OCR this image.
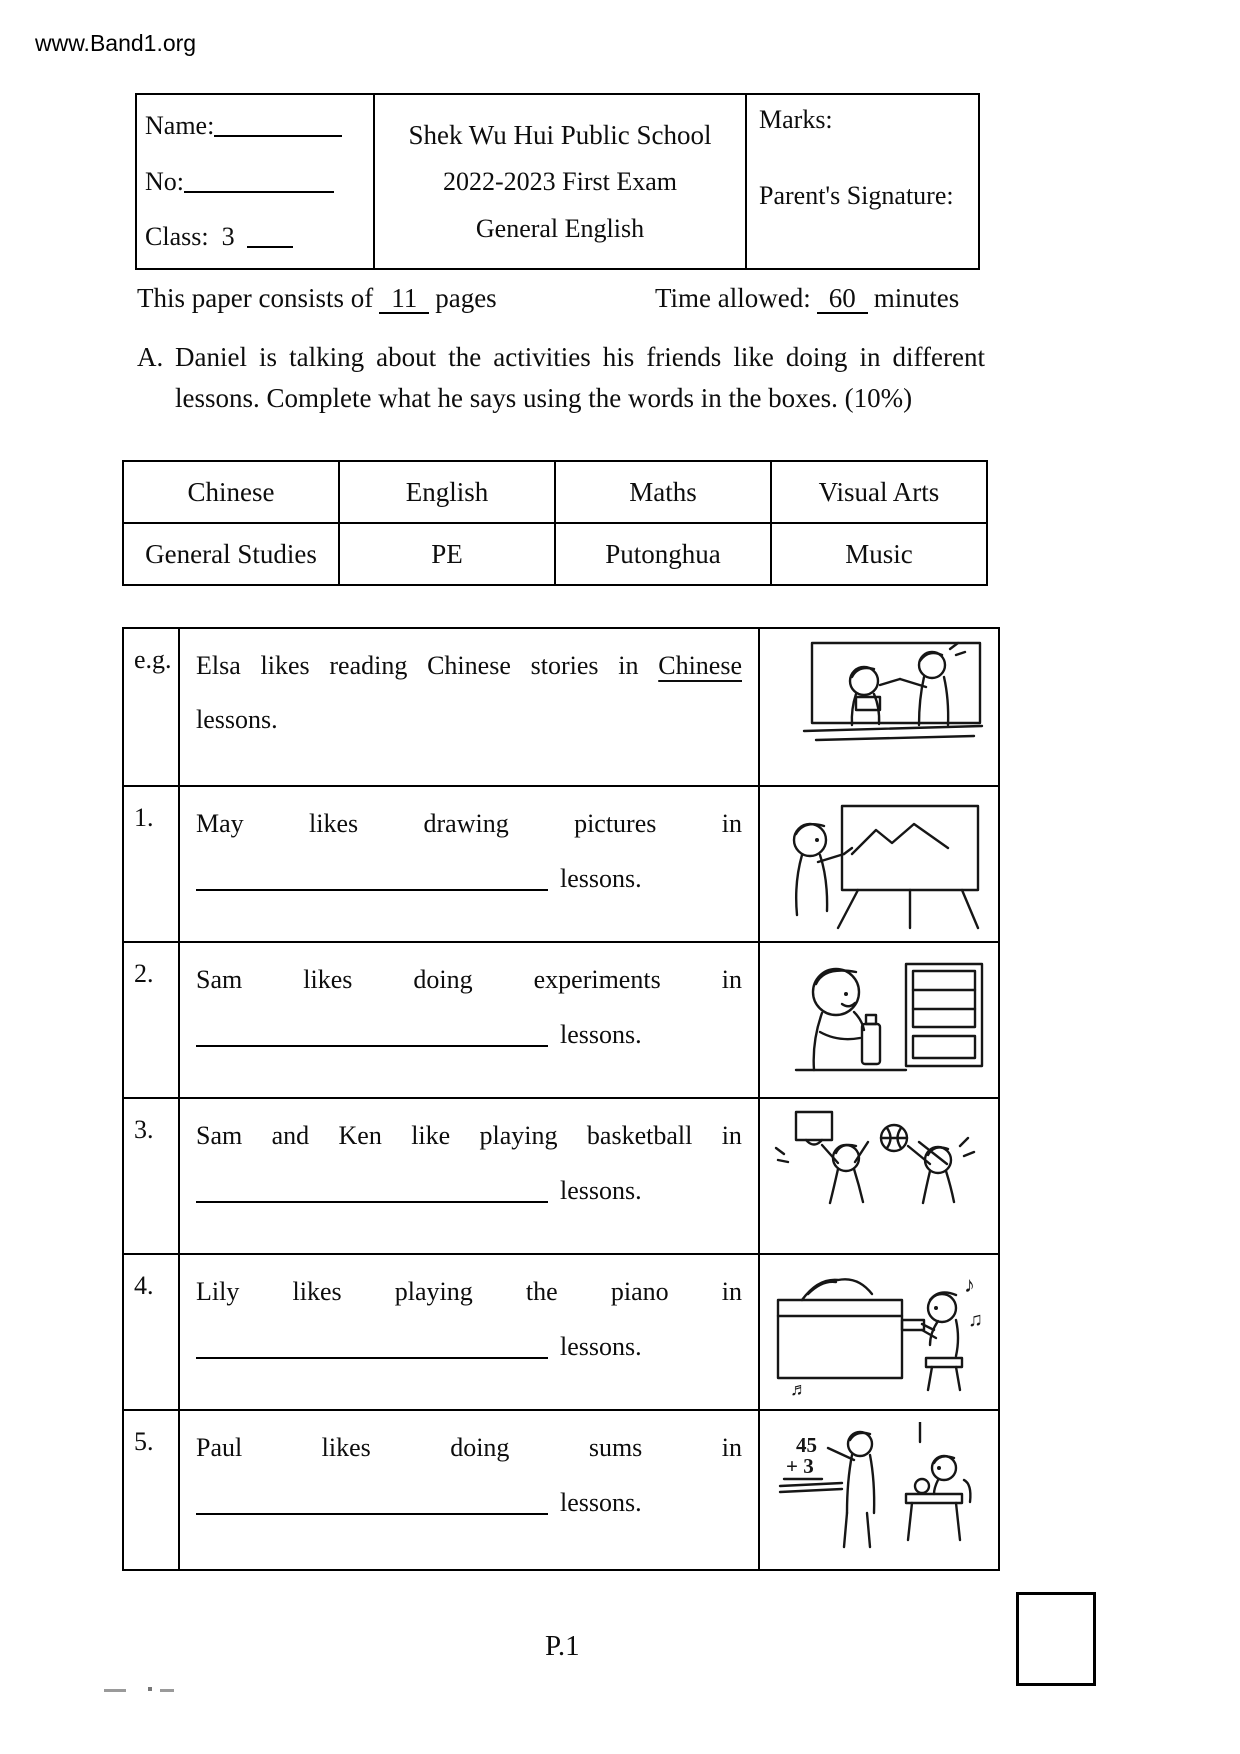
www.Band1.org
Name:
No:
Class: 3
Shek Wu Hui Public School
2022-2023 First Exam
General English
Marks:
Parent's Signature:
This paper consists of 11 pages	Time allowed: 60 minutes
A. Daniel is talking about the activities his friends like doing in different
lessons. Complete what he says using the words in the boxes. (10%)
Chinese	English	Maths	Visual Arts
General Studies	PE	Putonghua	Music
e.g. Elsa likes reading Chinese stories in Chinese
lessons.
1.	May	likes	drawing	pictures	in
lessons.
2.	Sam likes doing experiments in
lessons.
3.	Sam and Ken like playing basketball in
lessons.
4.	Lily likes playing the piano in
lessons.
♪
♫
♬
5.	Paul	likes	doing	sums	in
lessons.
45
+ 3
P.1
